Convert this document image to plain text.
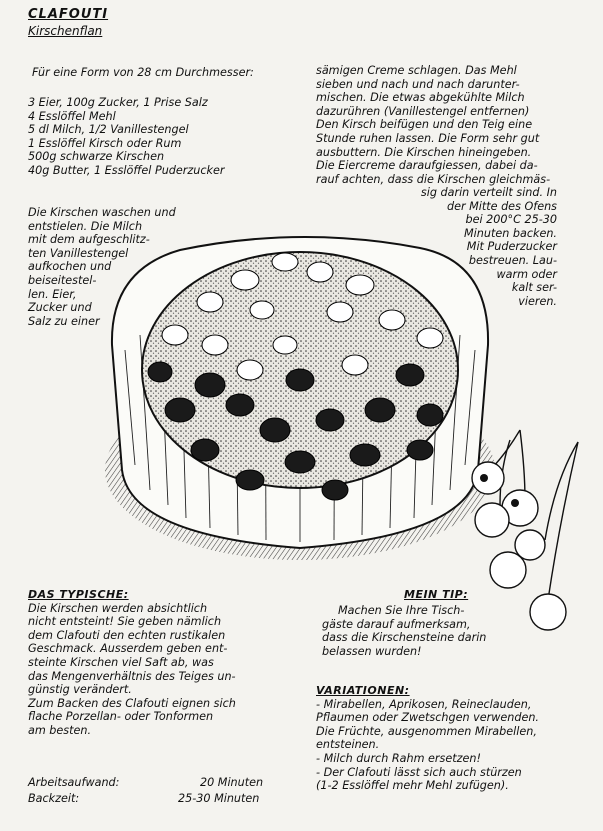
CLAFOUTI
Kirschenflan
Für eine Form von 28 cm Durchmesser:
3 Eier, 100g Zucker, 1 Prise Salz
4 Esslöffel Mehl
5 dl Milch, 1/2 Vanillestengel
1 Esslöffel Kirsch oder Rum
500g schwarze Kirschen
40g Butter, 1 Esslöffel Puderzucker
Die Kirschen waschen und
entstielen. Die Milch
mit dem aufgeschlitz-
ten Vanillestengel
aufkochen und
beiseitestel-
len. Eier,
Zucker und
Salz zu einer
sämigen Creme schlagen. Das Mehl
sieben und nach und nach darunter-
mischen. Die etwas abgekühlte Milch
dazurühren (Vanillestengel entfernen)
Den Kirsch beifügen und den Teig eine
Stunde ruhen lassen. Die Form sehr gut
ausbuttern. Die Kirschen hineingeben.
Die Eiercreme daraufgiessen, dabei da-
rauf achten, dass die Kirschen gleichmäs-
sig darin verteilt sind. In
der Mitte des Ofens
bei 200°C 25-30
Minuten backen.
Mit Puderzucker
bestreuen. Lau-
warm oder
kalt ser-
vieren.
DAS TYPISCHE:
Die Kirschen werden absichtlich
nicht entsteint! Sie geben nämlich
dem Clafouti den echten rustikalen
Geschmack. Ausserdem geben ent-
steinte Kirschen viel Saft ab, was
das Mengenverhältnis des Teiges un-
günstig verändert.
Zum Backen des Clafouti eignen sich
flache Porzellan- oder Tonformen
am besten.
MEIN TIP:
Machen Sie Ihre Tisch-
gäste darauf aufmerksam,
dass die Kirschensteine darin
belassen wurden!
VARIATIONEN:
- Mirabellen, Aprikosen, Reineclauden,
Pflaumen oder Zwetschgen verwenden.
Die Früchte, ausgenommen Mirabellen,
entsteinen.
- Milch durch Rahm ersetzen!
- Der Clafouti lässt sich auch stürzen
(1-2 Esslöffel mehr Mehl zufügen).
Arbeitsaufwand:	20 Minuten
Backzeit:	25-30 Minuten
